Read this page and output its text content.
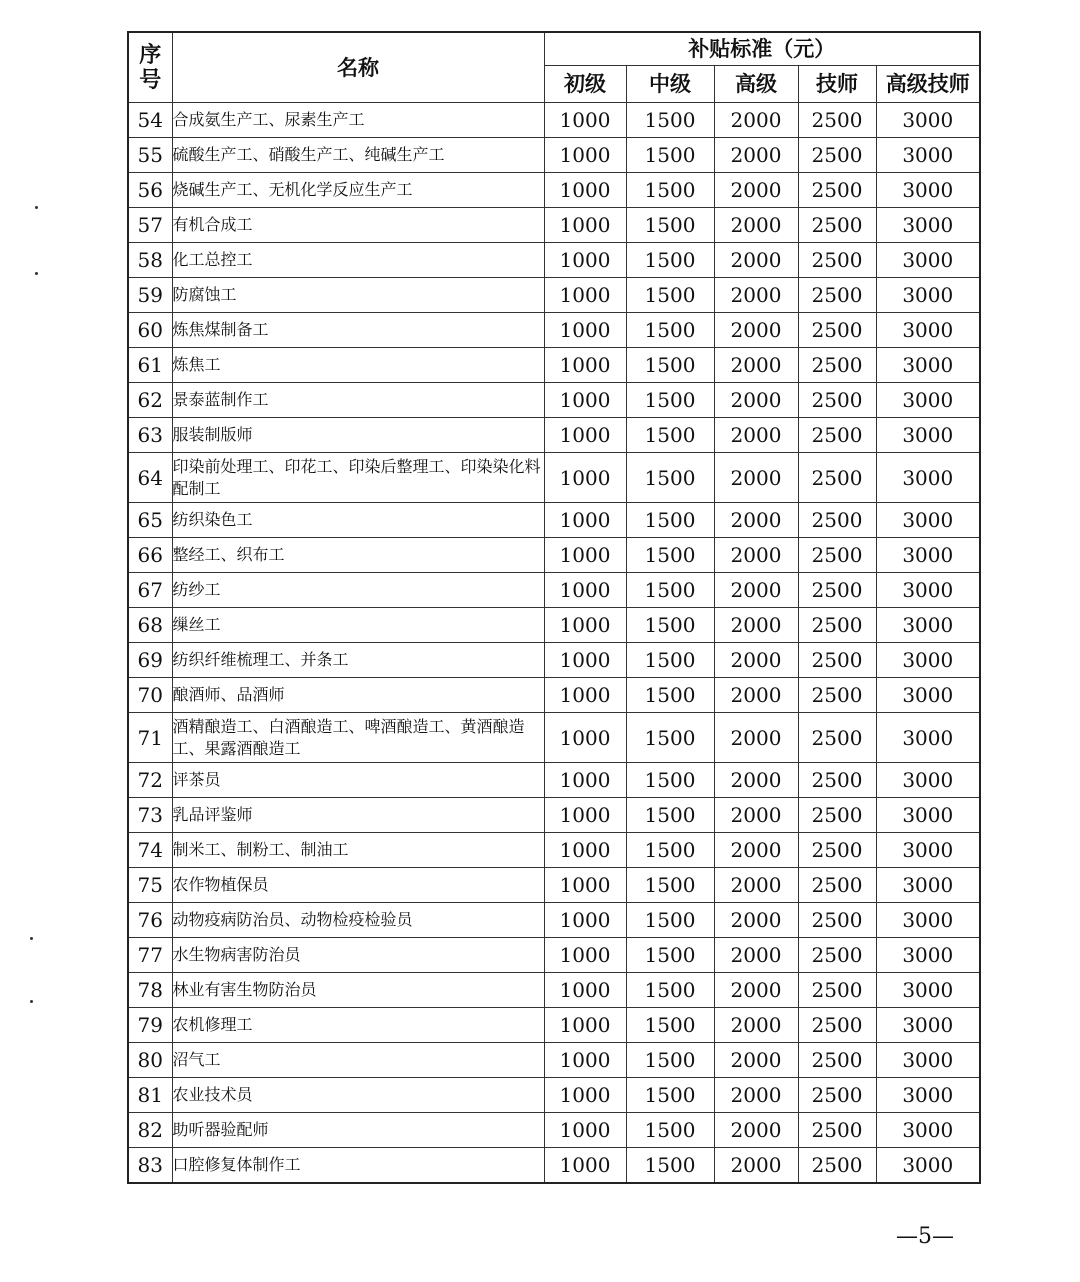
序号	名称	补贴标准（元）				
		初级	中级	高级	技师	高级技师
54	合成氨生产工、尿素生产工	1000	1500	2000	2500	3000
55	硫酸生产工、硝酸生产工、纯碱生产工	1000	1500	2000	2500	3000
56	烧碱生产工、无机化学反应生产工	1000	1500	2000	2500	3000
57	有机合成工	1000	1500	2000	2500	3000
58	化工总控工	1000	1500	2000	2500	3000
59	防腐蚀工	1000	1500	2000	2500	3000
60	炼焦煤制备工	1000	1500	2000	2500	3000
61	炼焦工	1000	1500	2000	2500	3000
62	景泰蓝制作工	1000	1500	2000	2500	3000
63	服装制版师	1000	1500	2000	2500	3000
64	印染前处理工、印花工、印染后整理工、印染染化料配制工	1000	1500	2000	2500	3000
65	纺织染色工	1000	1500	2000	2500	3000
66	整经工、织布工	1000	1500	2000	2500	3000
67	纺纱工	1000	1500	2000	2500	3000
68	缫丝工	1000	1500	2000	2500	3000
69	纺织纤维梳理工、并条工	1000	1500	2000	2500	3000
70	酿酒师、品酒师	1000	1500	2000	2500	3000
71	酒精酿造工、白酒酿造工、啤酒酿造工、黄酒酿造工、果露酒酿造工	1000	1500	2000	2500	3000
72	评茶员	1000	1500	2000	2500	3000
73	乳品评鉴师	1000	1500	2000	2500	3000
74	制米工、制粉工、制油工	1000	1500	2000	2500	3000
75	农作物植保员	1000	1500	2000	2500	3000
76	动物疫病防治员、动物检疫检验员	1000	1500	2000	2500	3000
77	水生物病害防治员	1000	1500	2000	2500	3000
78	林业有害生物防治员	1000	1500	2000	2500	3000
79	农机修理工	1000	1500	2000	2500	3000
80	沼气工	1000	1500	2000	2500	3000
81	农业技术员	1000	1500	2000	2500	3000
82	助听器验配师	1000	1500	2000	2500	3000
83	口腔修复体制作工	1000	1500	2000	2500	3000
—5—
